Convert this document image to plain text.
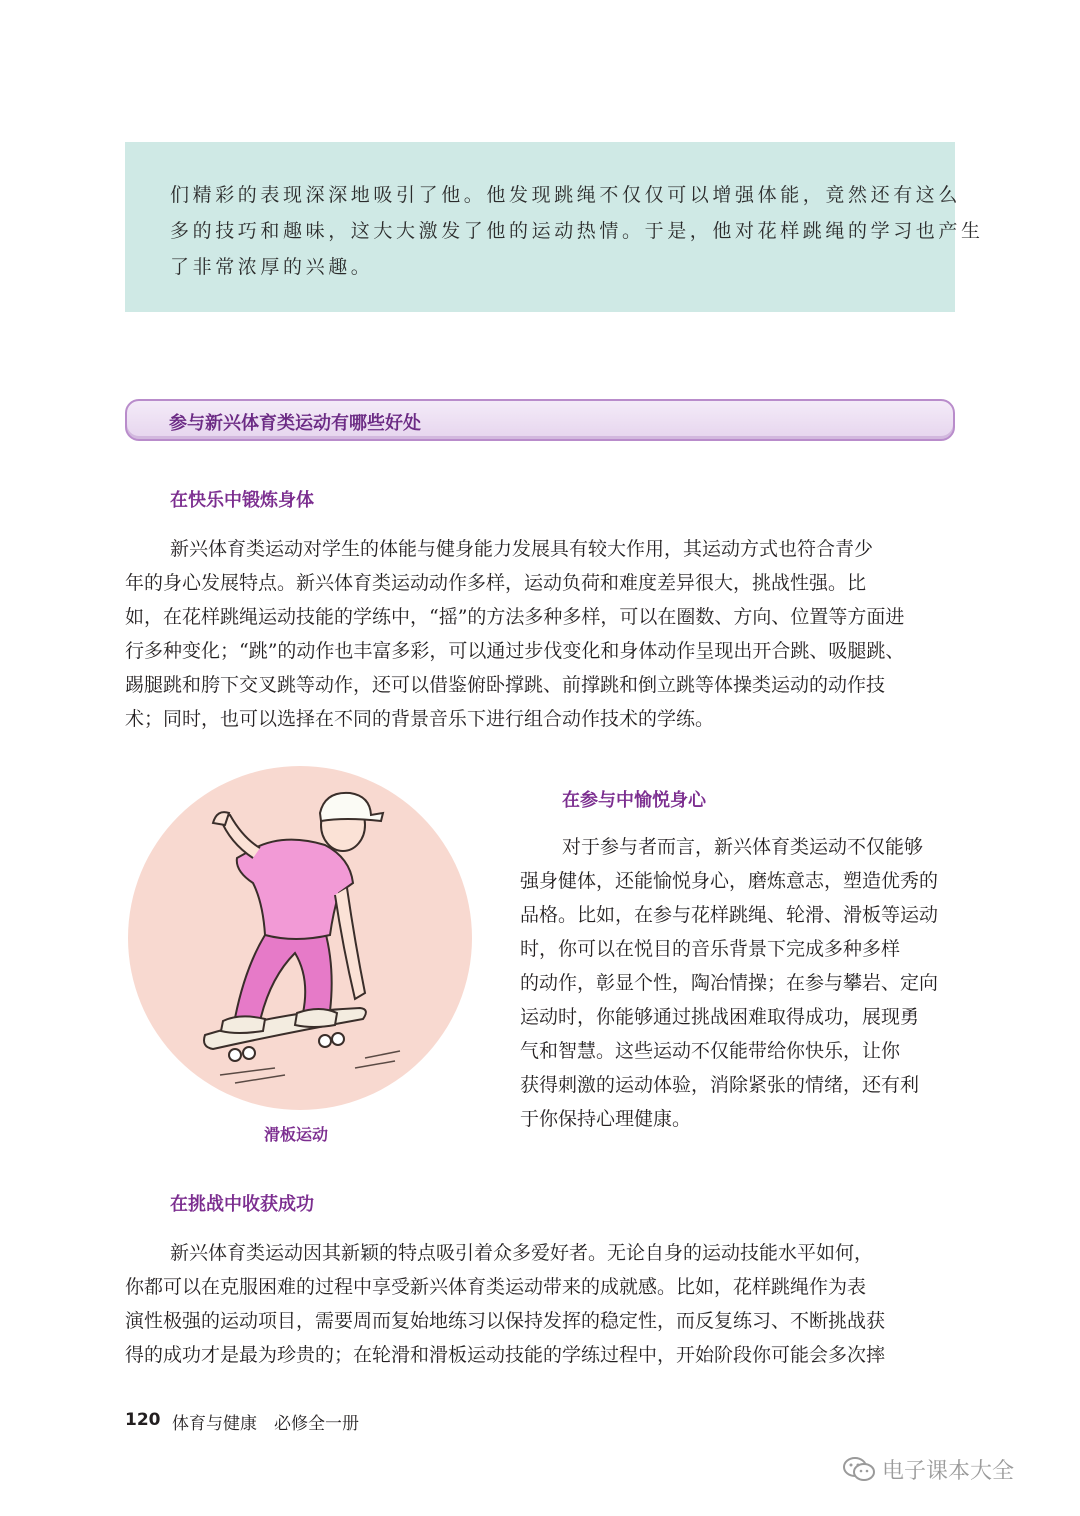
们精彩的表现深深地吸引了他。他发现跳绳不仅仅可以增强体能，竟然还有这么
多的技巧和趣味，这大大激发了他的运动热情。于是，他对花样跳绳的学习也产生
了非常浓厚的兴趣。
参与新兴体育类运动有哪些好处
在快乐中锻炼身体
新兴体育类运动对学生的体能与健身能力发展具有较大作用，其运动方式也符合青少
年的身心发展特点。新兴体育类运动动作多样，运动负荷和难度差异很大，挑战性强。比
如，在花样跳绳运动技能的学练中，“摇”的方法多种多样，可以在圈数、方向、位置等方面进
行多种变化；“跳”的动作也丰富多彩，可以通过步伐变化和身体动作呈现出开合跳、吸腿跳、
踢腿跳和胯下交叉跳等动作，还可以借鉴俯卧撑跳、前撑跳和倒立跳等体操类运动的动作技
术；同时，也可以选择在不同的背景音乐下进行组合动作技术的学练。
滑板运动
在参与中愉悦身心
对于参与者而言，新兴体育类运动不仅能够
强身健体，还能愉悦身心，磨炼意志，塑造优秀的
品格。比如，在参与花样跳绳、轮滑、滑板等运动
时，你可以在悦目的音乐背景下完成多种多样
的动作，彰显个性，陶冶情操；在参与攀岩、定向
运动时，你能够通过挑战困难取得成功，展现勇
气和智慧。这些运动不仅能带给你快乐，让你
获得刺激的运动体验，消除紧张的情绪，还有利
于你保持心理健康。
在挑战中收获成功
新兴体育类运动因其新颖的特点吸引着众多爱好者。无论自身的运动技能水平如何，
你都可以在克服困难的过程中享受新兴体育类运动带来的成就感。比如，花样跳绳作为表
演性极强的运动项目，需要周而复始地练习以保持发挥的稳定性，而反复练习、不断挑战获
得的成功才是最为珍贵的；在轮滑和滑板运动技能的学练过程中，开始阶段你可能会多次摔
120 体育与健康　必修全一册
电子课本大全
